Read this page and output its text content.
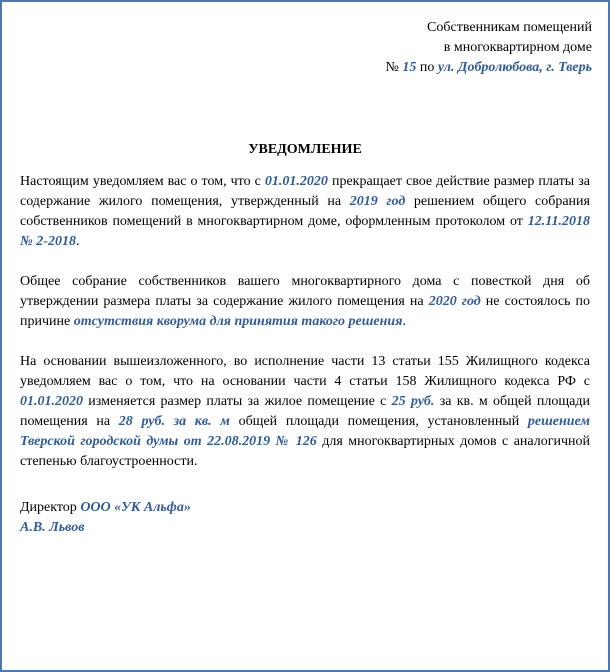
Собственникам помещений
в многоквартирном доме
№ 15 по ул. Добролюбова, г. Тверь
УВЕДОМЛЕНИЕ

Настоящим уведомляем вас о том, что с 01.01.2020 прекращает свое действие размер платы за содержание жилого помещения, утвержденный на 2019 год решением общего собрания собственников помещений в многоквартирном доме, оформленным протоколом от 12.11.2018 № 2-2018.

Общее собрание собственников вашего многоквартирного дома с повесткой дня об утверждении размера платы за содержание жилого помещения на 2020 год не состоялось по причине отсутствия кворума для принятия такого решения.

На основании вышеизложенного, во исполнение части 13 статьи 155 Жилищного кодекса уведомляем вас о том, что на основании части 4 статьи 158 Жилищного кодекса РФ с 01.01.2020 изменяется размер платы за жилое помещение с 25 руб. за кв. м общей площади помещения на 28 руб. за кв. м общей площади помещения, установленный решением Тверской городской думы от 22.08.2019 № 126 для многоквартирных домов с аналогичной степенью благоустроенности.

Директор ООО «УК Альфа»
А.В. Львов
